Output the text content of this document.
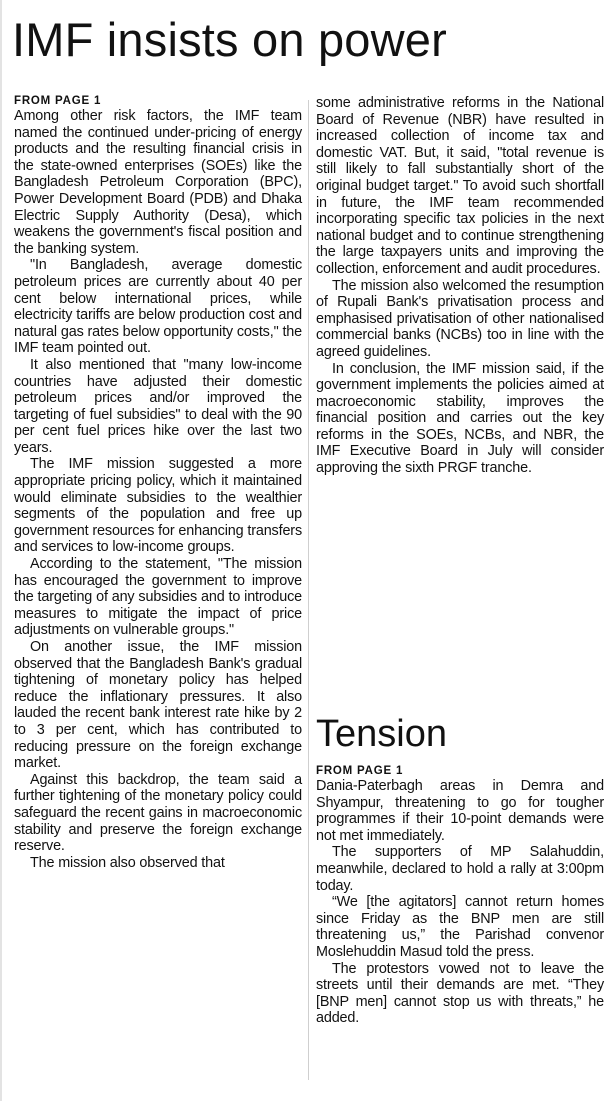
IMF insists on power
FROM PAGE 1

Among other risk factors, the IMF team named the continued under-pricing of energy products and the resulting financial crisis in the state-owned enterprises (SOEs) like the Bangladesh Petroleum Corporation (BPC), Power Development Board (PDB) and Dhaka Electric Supply Authority (Desa), which weakens the government's fiscal position and the banking system.

"In Bangladesh, average domestic petroleum prices are currently about 40 per cent below international prices, while electricity tariffs are below production cost and natural gas rates below opportunity costs," the IMF team pointed out.

It also mentioned that "many low-income countries have adjusted their domestic petroleum prices and/or improved the targeting of fuel subsidies" to deal with the 90 per cent fuel prices hike over the last two years.

The IMF mission suggested a more appropriate pricing policy, which it maintained would eliminate subsidies to the wealthier segments of the population and free up government resources for enhancing transfers and services to low-income groups.

According to the statement, "The mission has encouraged the government to improve the targeting of any subsidies and to introduce measures to mitigate the impact of price adjustments on vulnerable groups."

On another issue, the IMF mission observed that the Bangladesh Bank's gradual tightening of monetary policy has helped reduce the inflationary pressures. It also lauded the recent bank interest rate hike by 2 to 3 per cent, which has contributed to reducing pressure on the foreign exchange market.

Against this backdrop, the team said a further tightening of the monetary policy could safeguard the recent gains in macroeconomic stability and preserve the foreign exchange reserve.

The mission also observed that

some administrative reforms in the National Board of Revenue (NBR) have resulted in increased collection of income tax and domestic VAT. But, it said, "total revenue is still likely to fall substantially short of the original budget target." To avoid such shortfall in future, the IMF team recommended incorporating specific tax policies in the next national budget and to continue strengthening the large taxpayers units and improving the collection, enforcement and audit procedures.

The mission also welcomed the resumption of Rupali Bank's privatisation process and emphasised privatisation of other nationalised commercial banks (NCBs) too in line with the agreed guidelines.

In conclusion, the IMF mission said, if the government implements the policies aimed at macroeconomic stability, improves the financial position and carries out the key reforms in the SOEs, NCBs, and NBR, the IMF Executive Board in July will consider approving the sixth PRGF tranche.

Tension
FROM PAGE 1

Dania-Paterbagh areas in Demra and Shyampur, threatening to go for tougher programmes if their 10-point demands were not met immediately.

The supporters of MP Salahuddin, meanwhile, declared to hold a rally at 3:00pm today.

“We [the agitators] cannot return homes since Friday as the BNP men are still threatening us,” the Parishad convenor Moslehuddin Masud told the press.

The protestors vowed not to leave the streets until their demands are met. “They [BNP men] cannot stop us with threats,” he added.
